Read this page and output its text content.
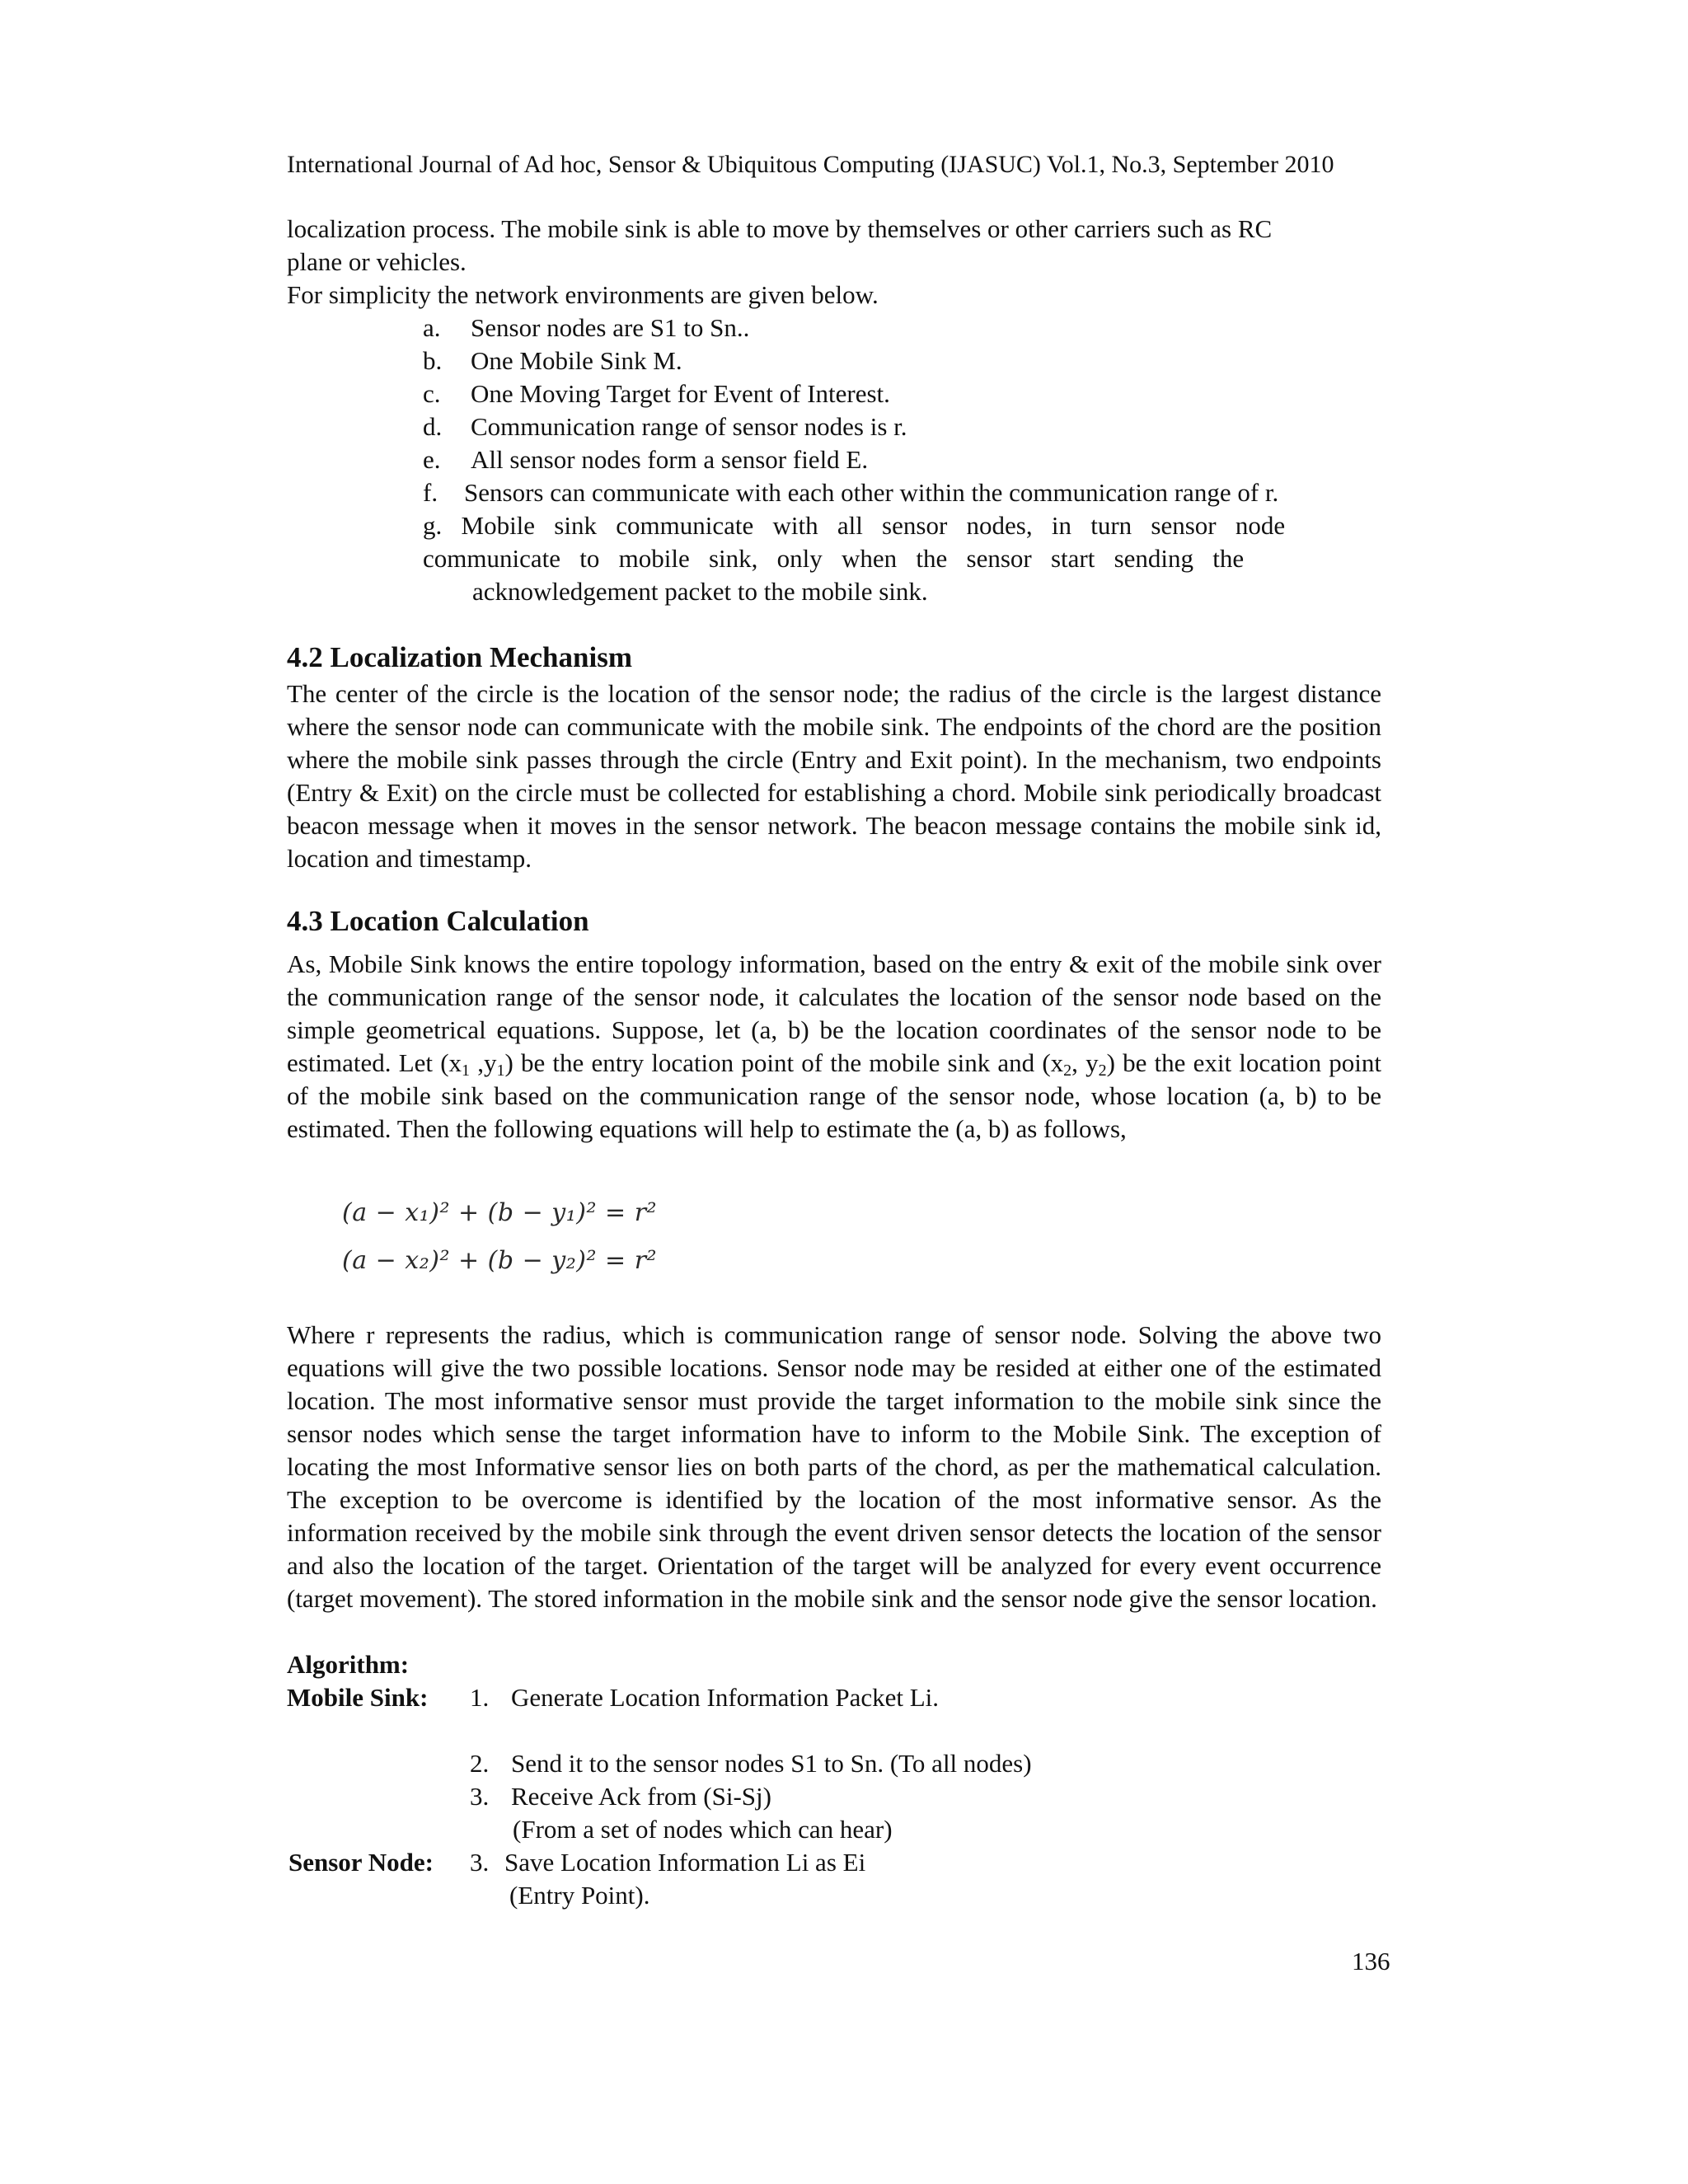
International Journal of Ad hoc, Sensor & Ubiquitous Computing (IJASUC) Vol.1, No.3, September 2010
localization process. The mobile sink is able to move by themselves or other carriers such as RC
plane or vehicles.
For simplicity the network environments are given below.
a. Sensor nodes are S1 to Sn..
b. One Mobile Sink M.
c. One Moving Target for Event of Interest.
d. Communication range of sensor nodes is r.
e. All sensor nodes form a sensor field E.
f. Sensors can communicate with each other within the communication range of r.
g.   Mobile   sink   communicate   with   all   sensor   nodes,   in   turn   sensor   node
communicate   to   mobile   sink,   only   when   the   sensor   start   sending   the
acknowledgement packet to the mobile sink.
4.2 Localization Mechanism
The center of the circle is the location of the sensor node; the radius of the circle is the largest distance where the sensor node can communicate with the mobile sink. The endpoints of the chord are the position where the mobile sink passes through the circle (Entry and Exit point). In the mechanism, two endpoints (Entry & Exit) on the circle must be collected for establishing a chord. Mobile sink periodically broadcast beacon message when it moves in the sensor network. The beacon message contains the mobile sink id, location and timestamp.
4.3 Location Calculation
As, Mobile Sink knows the entire topology information, based on the entry & exit of the mobile sink over the communication range of the sensor node, it calculates the location of the sensor node based on the simple geometrical equations. Suppose, let (a, b) be the location coordinates of the sensor node to be estimated. Let ($x_1$ $,y_1$) be the entry location point of the mobile sink and ($x_2$, $y_2$) be the exit location point of the mobile sink based on the communication range of the sensor node, whose location (a, b) to be estimated. Then the following equations will help to estimate the (a, b) as follows,
(a − x₁)² + (b − y₁)² = r²
(a − x₂)² + (b − y₂)² = r²
Where r represents the radius, which is communication range of sensor node. Solving the above two equations will give the two possible locations. Sensor node may be resided at either one of the estimated location. The most informative sensor must provide the target information to the mobile sink since the sensor nodes which sense the target information have to inform to the Mobile Sink. The exception of locating the most Informative sensor lies on both parts of the chord, as per the mathematical calculation. The exception to be overcome is identified by the location of the most informative sensor. As the information received by the mobile sink through the event driven sensor detects the location of the sensor and also the location of the target. Orientation of the target will be analyzed for every event occurrence (target movement). The stored information in the mobile sink and the sensor node give the sensor location.
Algorithm:
Mobile Sink: 1. Generate Location Information Packet Li.
2. Send it to the sensor nodes S1 to Sn. (To all nodes)
3. Receive Ack from (Si-Sj)
(From a set of nodes which can hear)
Sensor Node: 3. Save Location Information Li as Ei
(Entry Point).
136
